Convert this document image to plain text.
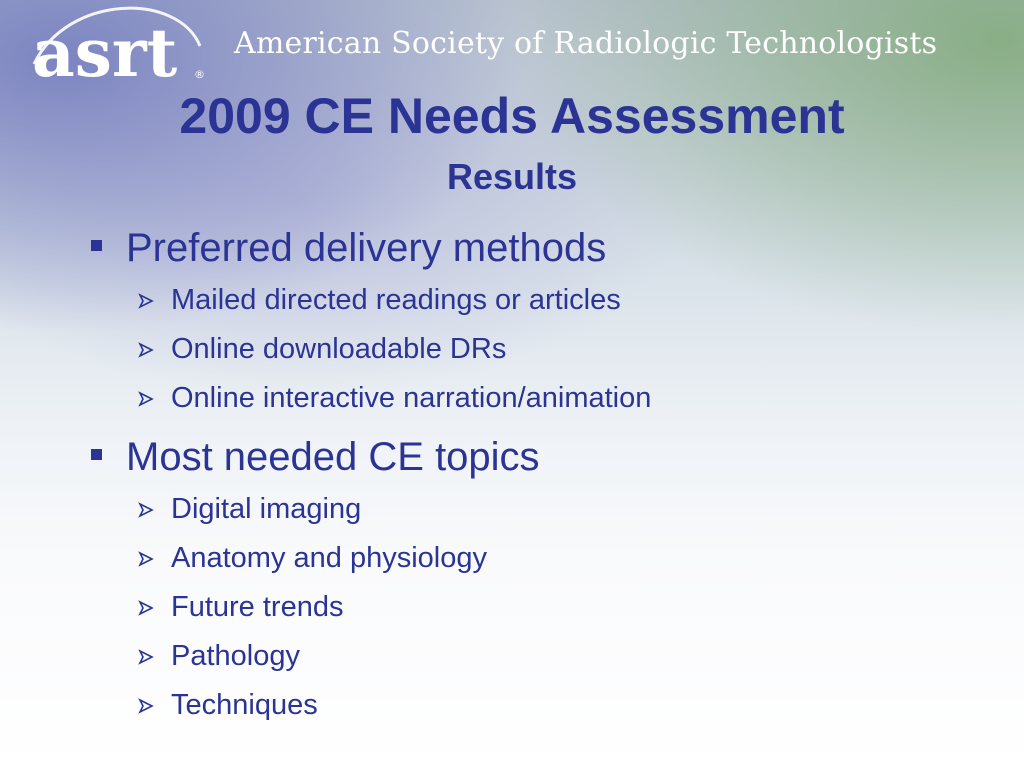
asrt ®
American Society of Radiologic Technologists
2009 CE Needs Assessment
Results
Preferred delivery methods
Mailed directed readings or articles
Online downloadable DRs
Online interactive narration/animation
Most needed CE topics
Digital imaging
Anatomy and physiology
Future trends
Pathology
Techniques
